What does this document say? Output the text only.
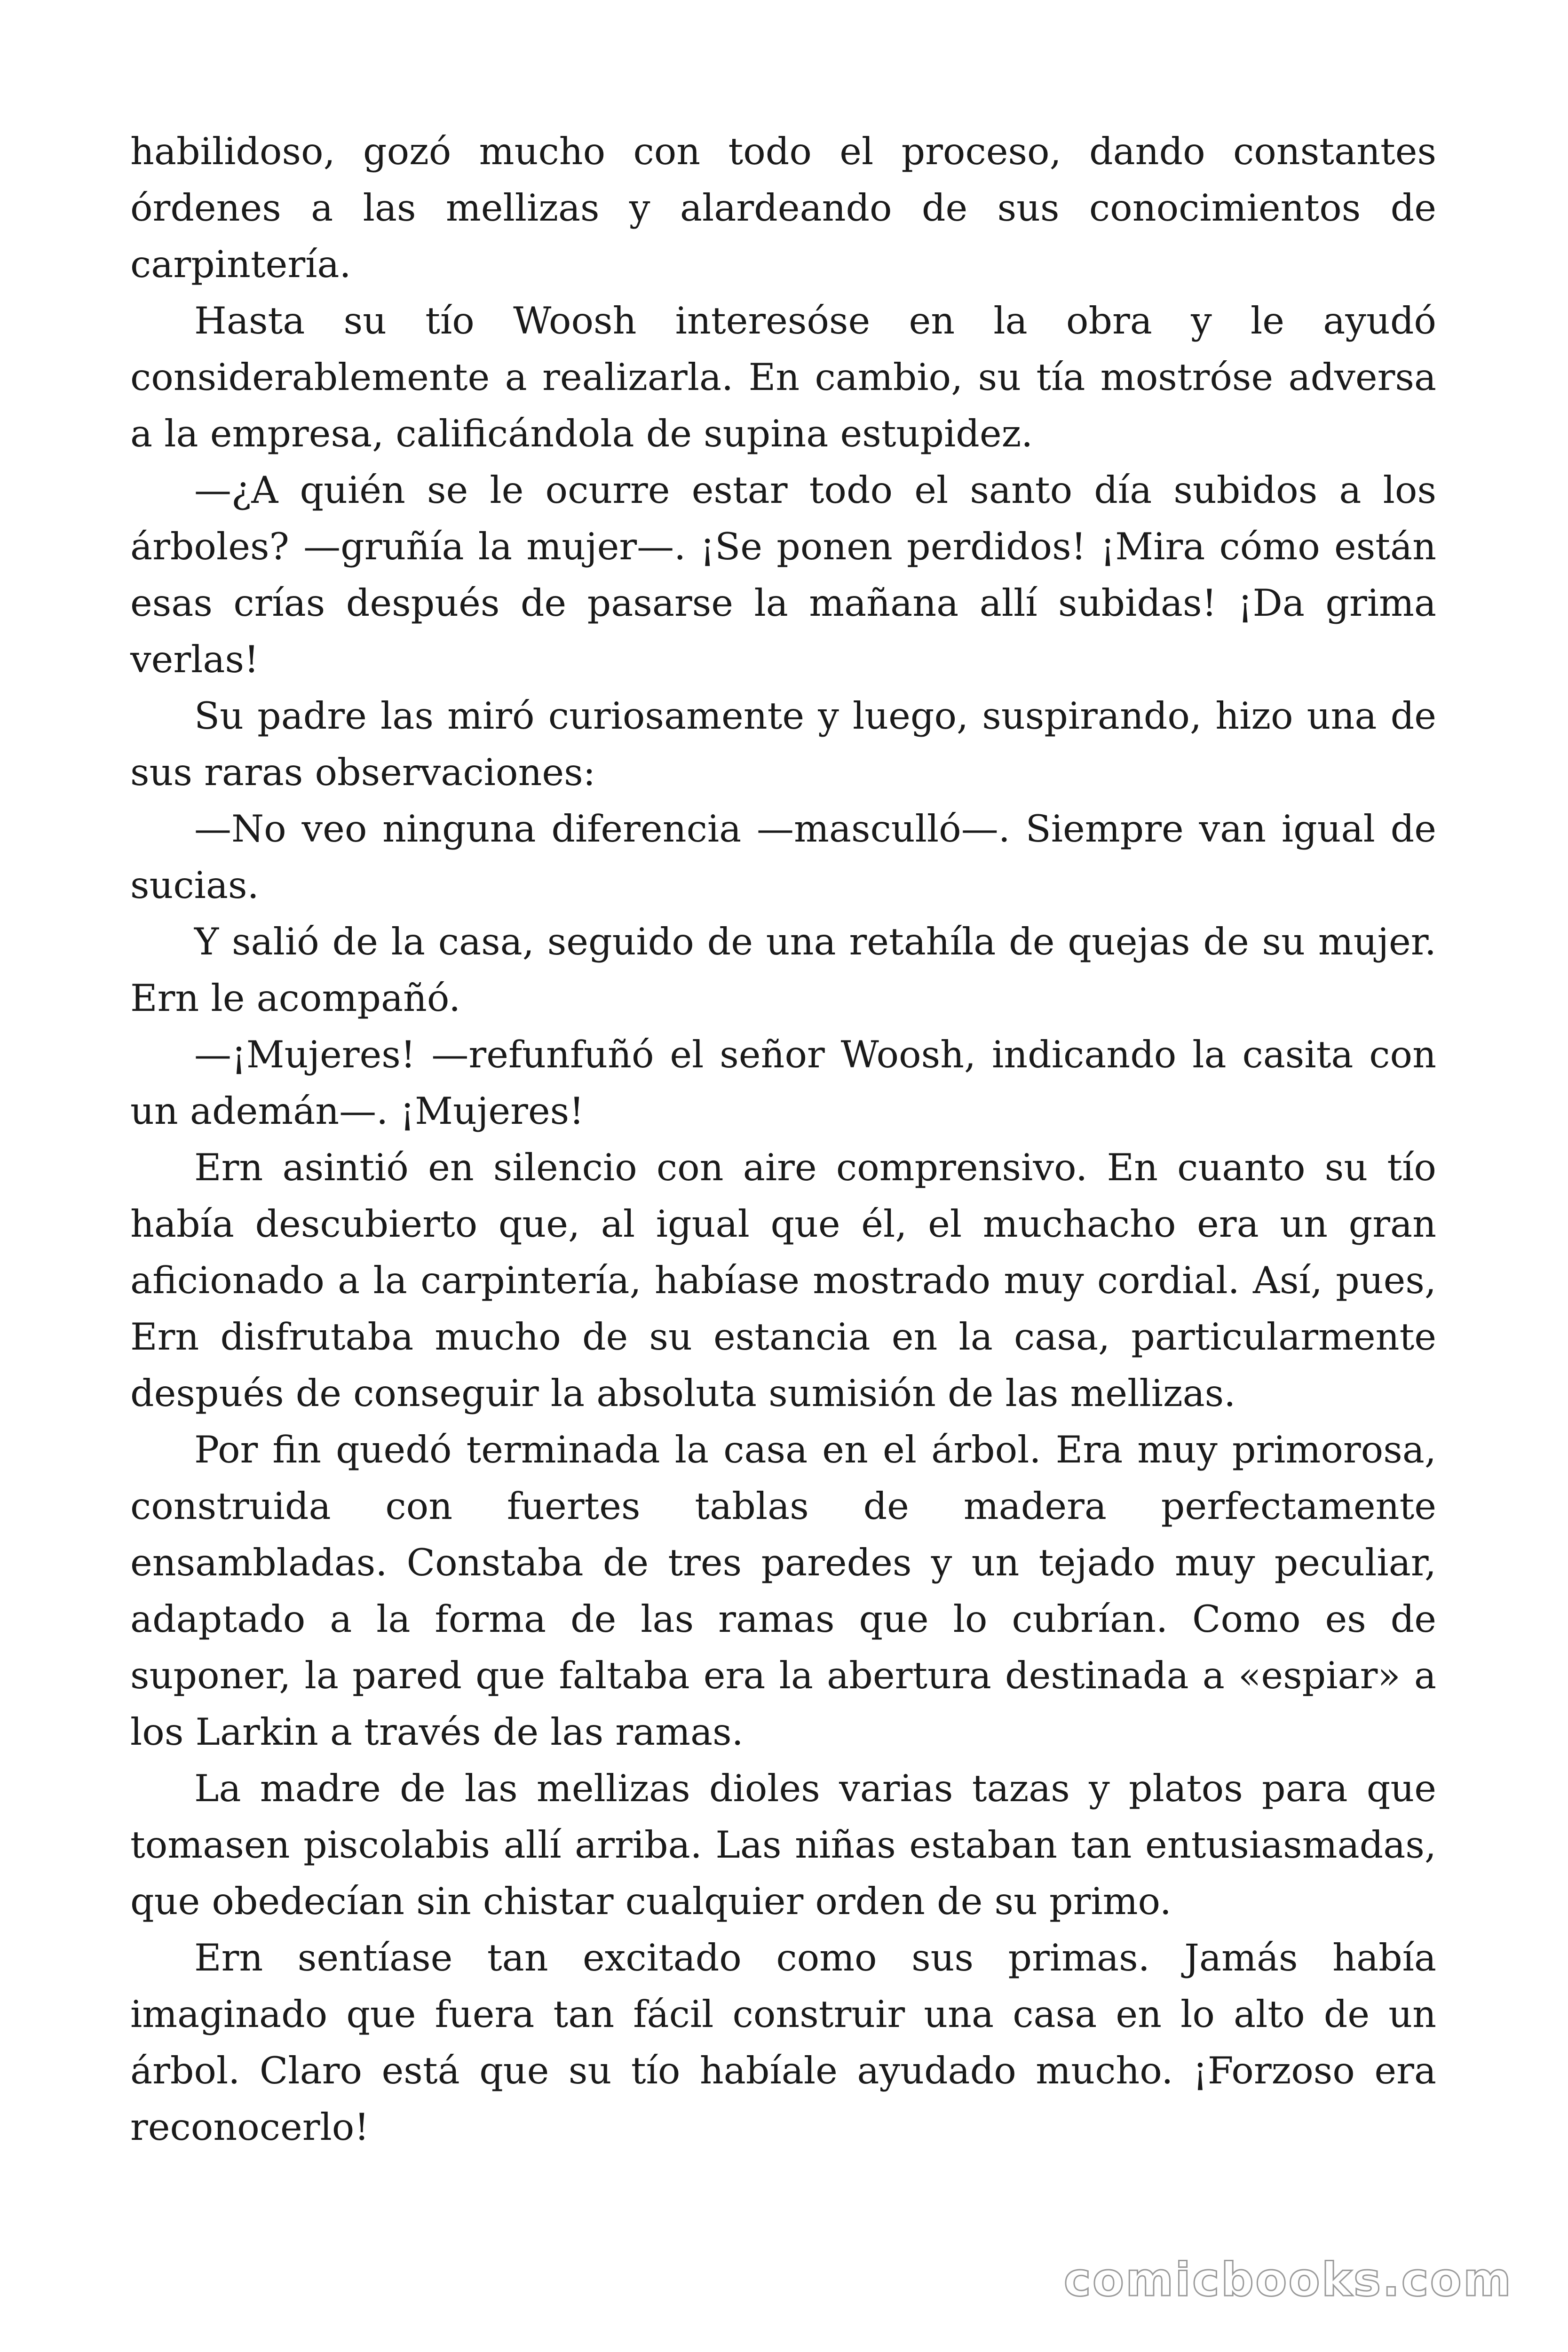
habilidoso, gozó mucho con todo el proceso, dando constantes órdenes a las mellizas y alardeando de sus conocimientos de carpintería.

Hasta su tío Woosh interesóse en la obra y le ayudó considerablemente a realizarla. En cambio, su tía mostróse adversa a la empresa, calificándola de supina estupidez.

—¿A quién se le ocurre estar todo el santo día subidos a los árboles? —gruñía la mujer—. ¡Se ponen perdidos! ¡Mira cómo están esas crías después de pasarse la mañana allí subidas! ¡Da grima verlas!

Su padre las miró curiosamente y luego, suspirando, hizo una de sus raras observaciones:

—No veo ninguna diferencia —masculló—. Siempre van igual de sucias.

Y salió de la casa, seguido de una retahíla de quejas de su mujer. Ern le acompañó.

—¡Mujeres! —refunfuñó el señor Woosh, indicando la casita con un ademán—. ¡Mujeres!

Ern asintió en silencio con aire comprensivo. En cuanto su tío había descubierto que, al igual que él, el muchacho era un gran aficionado a la carpintería, habíase mostrado muy cordial. Así, pues, Ern disfrutaba mucho de su estancia en la casa, particularmente después de conseguir la absoluta sumisión de las mellizas.

Por fin quedó terminada la casa en el árbol. Era muy primorosa, construida con fuertes tablas de madera perfectamente ensambladas. Constaba de tres paredes y un tejado muy peculiar, adaptado a la forma de las ramas que lo cubrían. Como es de suponer, la pared que faltaba era la abertura destinada a «espiar» a los Larkin a través de las ramas.

La madre de las mellizas dioles varias tazas y platos para que tomasen piscolabis allí arriba. Las niñas estaban tan entusiasmadas, que obedecían sin chistar cualquier orden de su primo.

Ern sentíase tan excitado como sus primas. Jamás había imaginado que fuera tan fácil construir una casa en lo alto de un árbol. Claro está que su tío habíale ayudado mucho. ¡Forzoso era reconocerlo!

comicbooks.com
